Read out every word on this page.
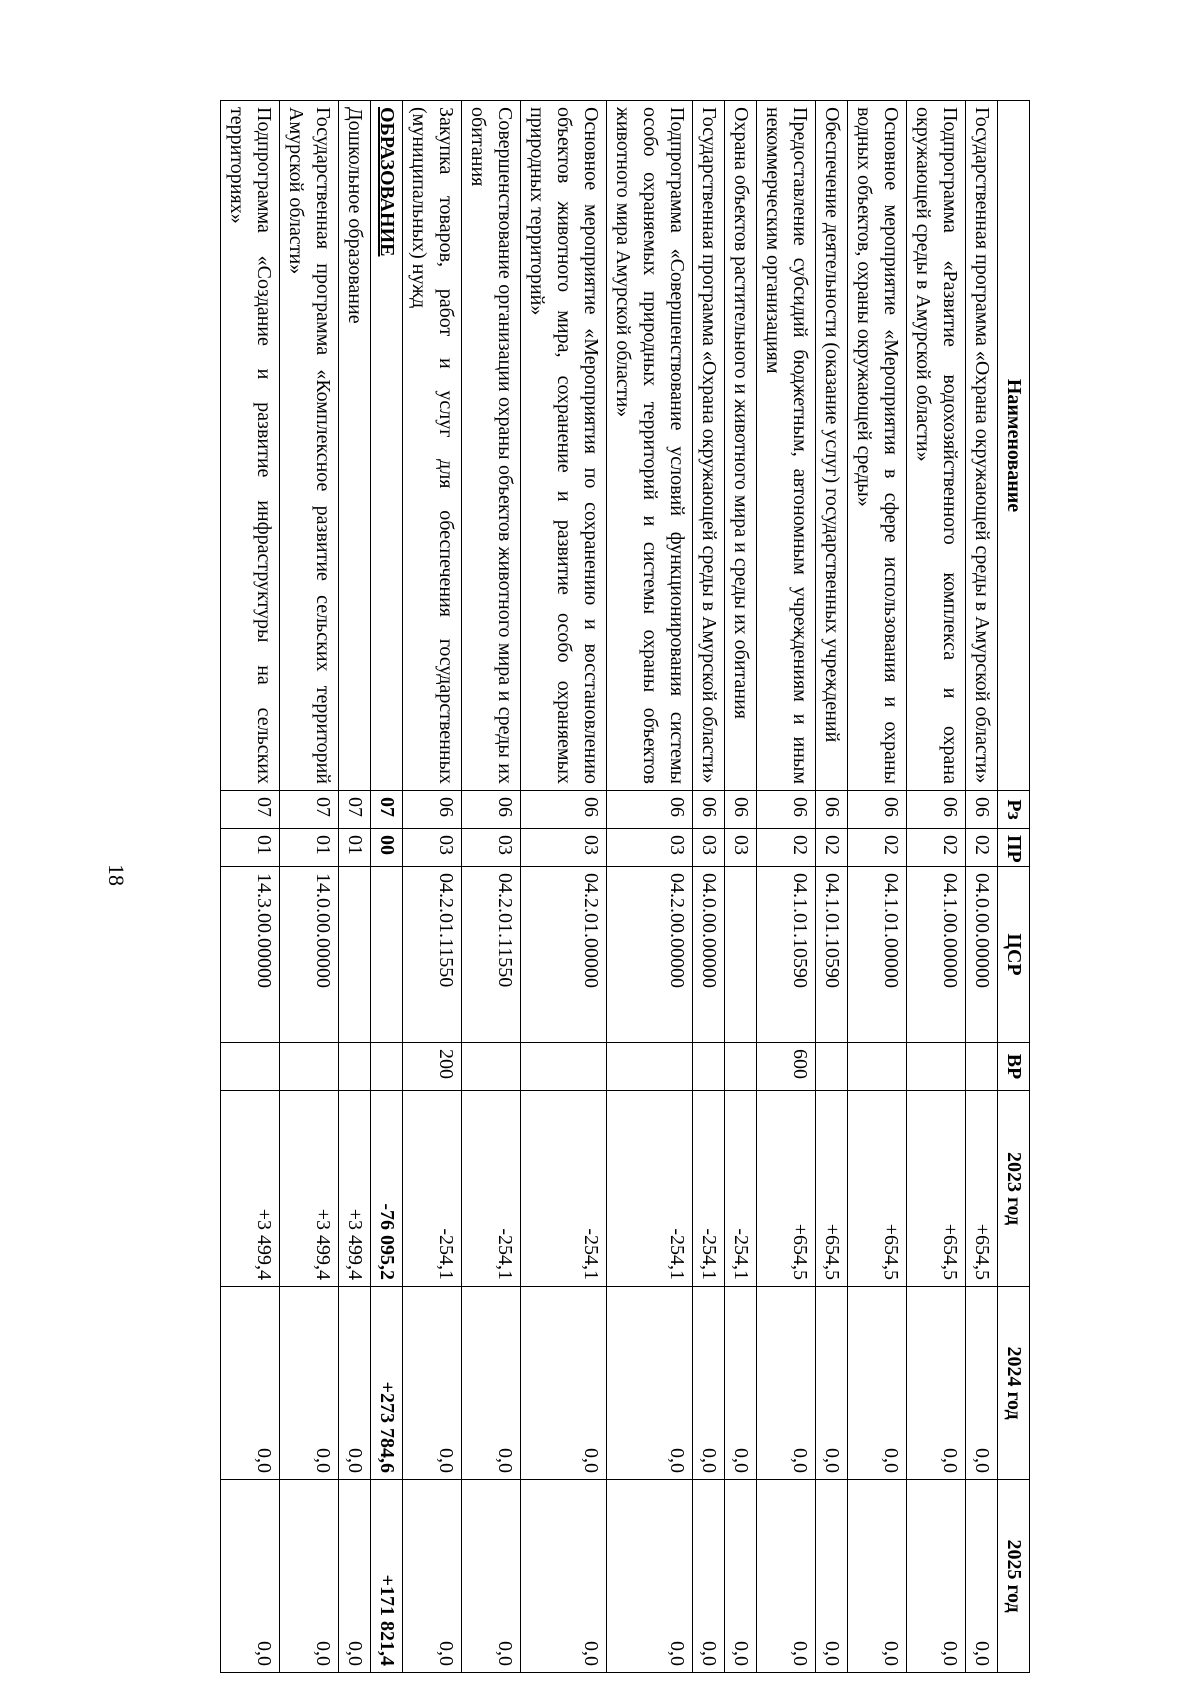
18
Наименование	Рз	ПР	ЦСР	ВР	2023 год	2024 год	2025 год
Государственная программа «Охрана окружающей среды в Амурской области»	06	02	04.0.00.00000		+654,5	0,0	0,0
Подпрограмма «Развитие водохозяйственного комплекса и охрана окружающей среды в Амурской области»	06	02	04.1.00.00000		+654,5	0,0	0,0
Основное мероприятие «Мероприятия в сфере использования и охраны водных объектов, охраны окружающей среды»	06	02	04.1.01.00000		+654,5	0,0	0,0
Обеспечение деятельности (оказание услуг) государственных учреждений	06	02	04.1.01.10590		+654,5	0,0	0,0
Предоставление субсидий бюджетным, автономным учреждениям и иным некоммерческим организациям	06	02	04.1.01.10590	600	+654,5	0,0	0,0
Охрана объектов растительного и животного мира и среды их обитания	06	03			-254,1	0,0	0,0
Государственная программа «Охрана окружающей среды в Амурской области»	06	03	04.0.00.00000		-254,1	0,0	0,0
Подпрограмма «Совершенствование условий функционирования системы особо охраняемых природных территорий и системы охраны объектов животного мира Амурской области»	06	03	04.2.00.00000		-254,1	0,0	0,0
Основное мероприятие «Мероприятия по сохранению и восстановлению объектов животного мира, сохранение и развитие особо охраняемых природных территорий»	06	03	04.2.01.00000		-254,1	0,0	0,0
Совершенствование организации охраны объектов животного мира и среды их обитания	06	03	04.2.01.11550		-254,1	0,0	0,0
Закупка товаров, работ и услуг для обеспечения государственных (муниципальных) нужд	06	03	04.2.01.11550	200	-254,1	0,0	0,0
ОБРАЗОВАНИЕ	07	00			-76 095,2	+273 784,6	+171 821,4
Дошкольное образование	07	01			+3 499,4	0,0	0,0
Государственная программа «Комплексное развитие сельских территорий Амурской области»	07	01	14.0.00.00000		+3 499,4	0,0	0,0
Подпрограмма «Создание и развитие инфраструктуры на сельских территориях»	07	01	14.3.00.00000		+3 499,4	0,0	0,0
